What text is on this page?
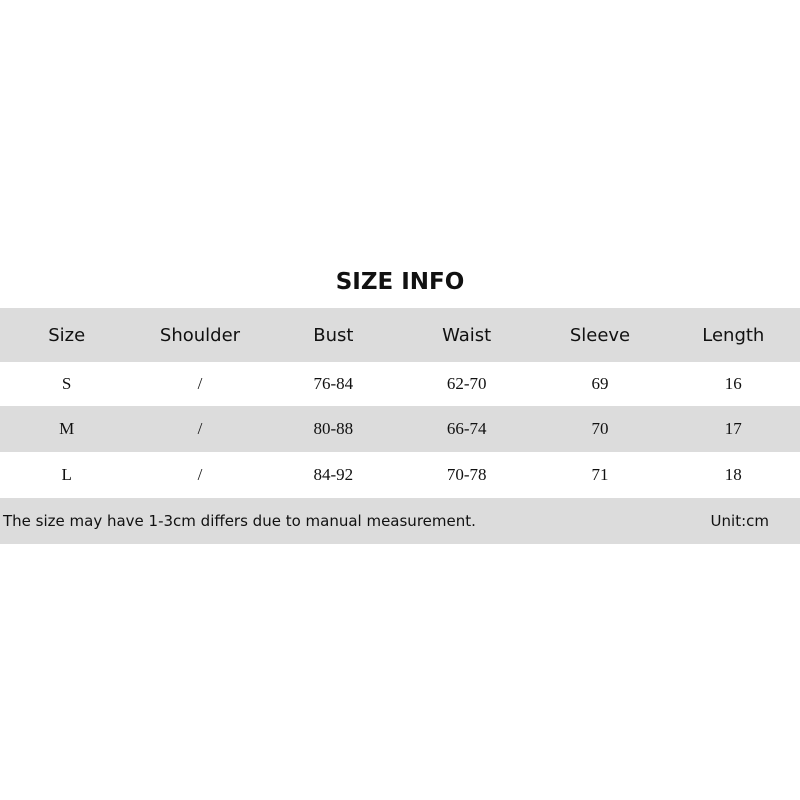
SIZE INFO
Size	Shoulder	Bust	Waist	Sleeve	Length
S	/	76-84	62-70	69	16
M	/	80-88	66-74	70	17
L	/	84-92	70-78	71	18
The size may have 1-3cm differs due to manual measurement.	Unit:cm
